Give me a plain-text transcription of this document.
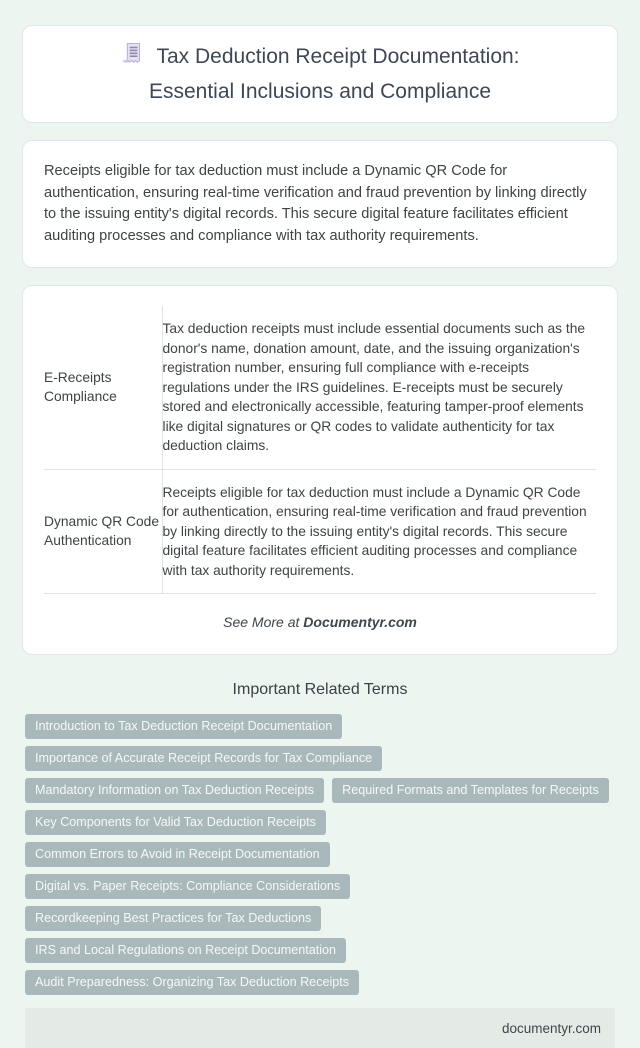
Tax Deduction Receipt Documentation: Essential Inclusions and Compliance

Receipts eligible for tax deduction must include a Dynamic QR Code for authentication, ensuring real-time verification and fraud prevention by linking directly to the issuing entity's digital records. This secure digital feature facilitates efficient auditing processes and compliance with tax authority requirements.

E-Receipts Compliance	Tax deduction receipts must include essential documents such as the donor's name, donation amount, date, and the issuing organization's registration number, ensuring full compliance with e-receipts regulations under the IRS guidelines. E-receipts must be securely stored and electronically accessible, featuring tamper-proof elements like digital signatures or QR codes to validate authenticity for tax deduction claims.
Dynamic QR Code Authentication	Receipts eligible for tax deduction must include a Dynamic QR Code for authentication, ensuring real-time verification and fraud prevention by linking directly to the issuing entity's digital records. This secure digital feature facilitates efficient auditing processes and compliance with tax authority requirements.
See More at Documentyr.com
Important Related Terms
Introduction to Tax Deduction Receipt Documentation
Importance of Accurate Receipt Records for Tax Compliance
Mandatory Information on Tax Deduction Receipts	Required Formats and Templates for Receipts
Key Components for Valid Tax Deduction Receipts
Common Errors to Avoid in Receipt Documentation
Digital vs. Paper Receipts: Compliance Considerations
Recordkeeping Best Practices for Tax Deductions
IRS and Local Regulations on Receipt Documentation
Audit Preparedness: Organizing Tax Deduction Receipts
documentyr.com
